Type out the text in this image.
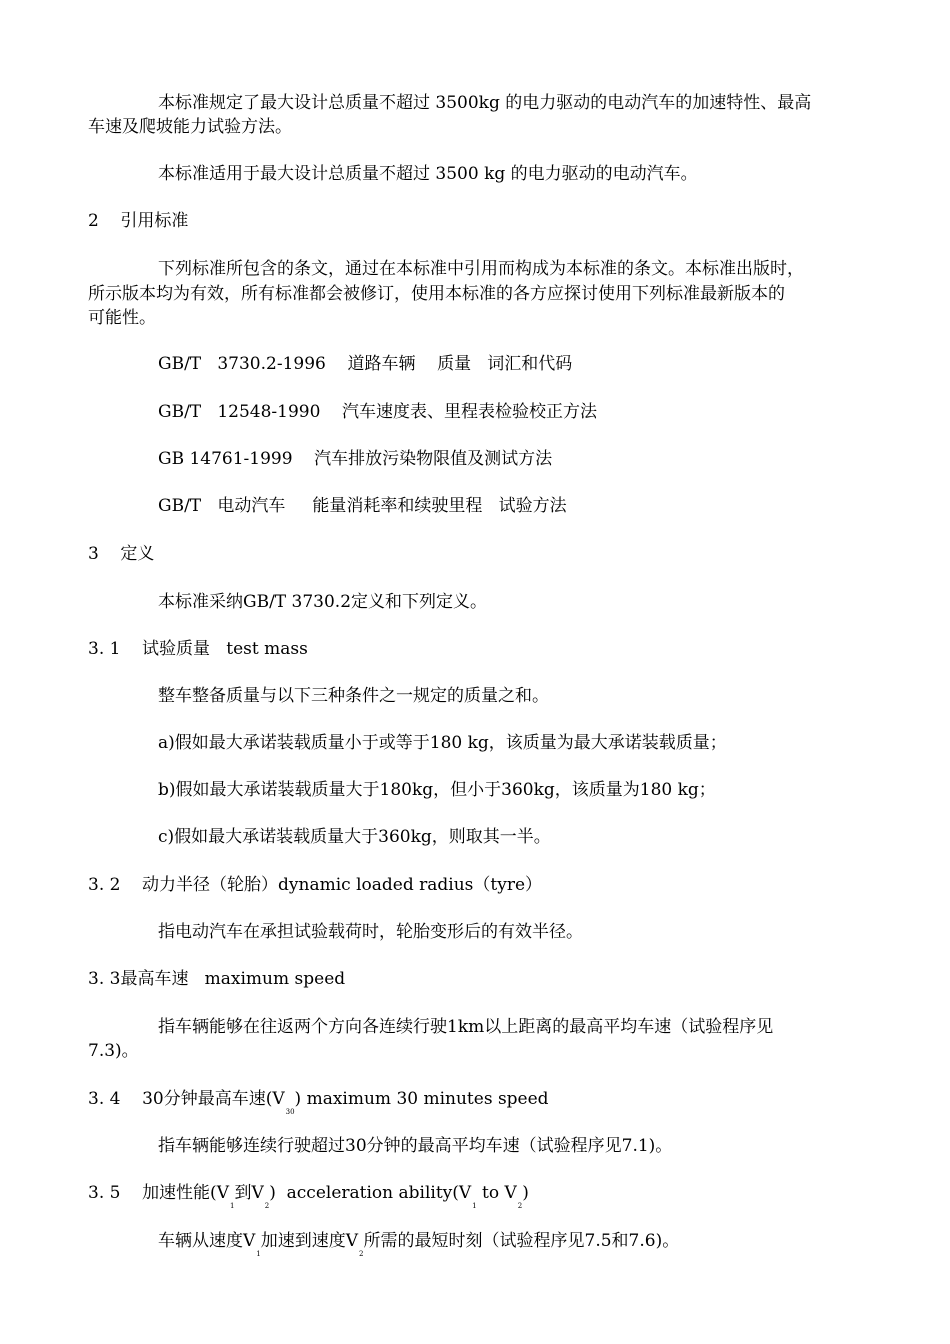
本标准规定了最大设计总质量不超过 3500kg 的电力驱动的电动汽车的加速特性、最高
车速及爬坡能力试验方法。
本标准适用于最大设计总质量不超过 3500 kg 的电力驱动的电动汽车。
2    引用标准
下列标准所包含的条文，通过在本标准中引用而构成为本标准的条文。本标准出版时，
所示版本均为有效，所有标准都会被修订，使用本标准的各方应探讨使用下列标准最新版本的
可能性。
GB/T   3730.2-1996    道路车辆    质量   词汇和代码
GB/T   12548-1990    汽车速度表、里程表检验校正方法
GB 14761-1999    汽车排放污染物限值及测试方法
GB/T   电动汽车     能量消耗率和续驶里程   试验方法
3    定义
本标准采纳GB/T 3730.2定义和下列定义。
3. 1    试验质量   test mass
整车整备质量与以下三种条件之一规定的质量之和。
a)假如最大承诺装载质量小于或等于180 kg，该质量为最大承诺装载质量；
b)假如最大承诺装载质量大于180kg，但小于360kg，该质量为180 kg；
c)假如最大承诺装载质量大于360kg，则取其一半。
3. 2    动力半径（轮胎）dynamic loaded radius（tyre）
指电动汽车在承担试验载荷时，轮胎变形后的有效半径。
3. 3最高车速   maximum speed
指车辆能够在往返两个方向各连续行驶1km以上距离的最高平均车速（试验程序见
7.3)。
3. 4    30分钟最高车速$(V_{30})$ maximum 30 minutes speed
指车辆能够连续行驶超过30分钟的最高平均车速（试验程序见7.1)。
3. 5    加速性能($V_1$到$V_2$)  acceleration $ability(V_1$ to $V_2$)
车辆从速度$V_1$加速到速度$V_2$所需的最短时刻（试验程序见7.5和7.6)。
